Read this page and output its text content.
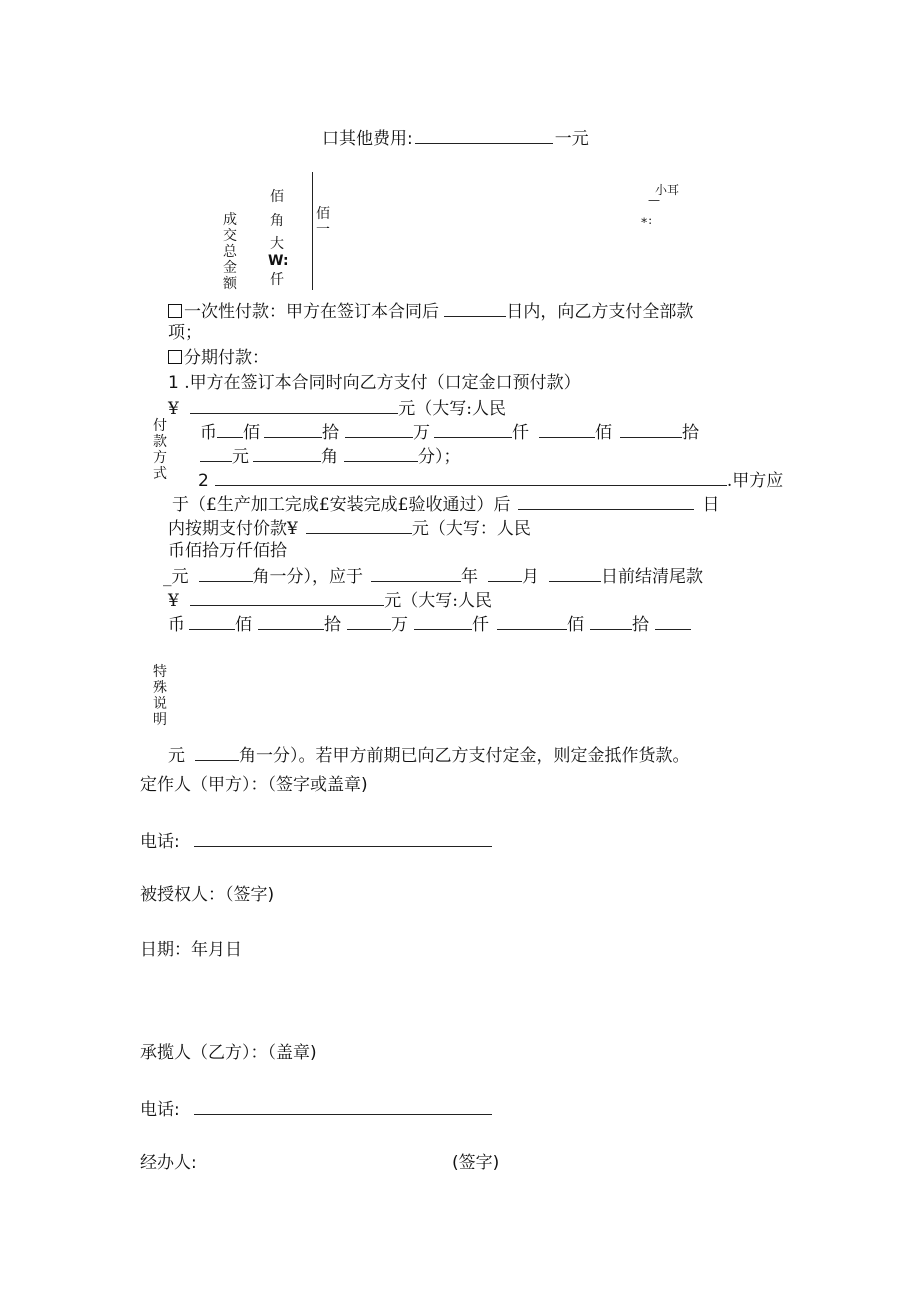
口其他费用:	一元
成
交
总
金
额
佰
角
大
W:
仟
佰一
小耳
—
∗:
一次性付款：甲方在签订本合同后	日内，向乙方支付全部款
项；
分期付款：
1 .甲方在签订本合同时向乙方支付（口定金口预付款）
¥	元（大写:人民
付
款
方
式
币 佰	拾	万	仟	佰	拾
元	角	分）；
2	.甲方应
于（£生产加工完成£安装完成£验收通过）后	日
内按期支付价款¥	元（大写：人民
币佰拾万仟佰拾
_元	角一分），应于	年	月	日前结清尾款
¥	元（大写:人民
币	佰	拾	万	仟	佰	拾
特
殊
说
明
元	角一分）。若甲方前期已向乙方支付定金，则定金抵作货款。
定作人（甲方）：（签字或盖章)
电话:
被授权人：（签字)
日期：年月日
承揽人（乙方）：（盖章)
电话:
经办人:	(签字)
